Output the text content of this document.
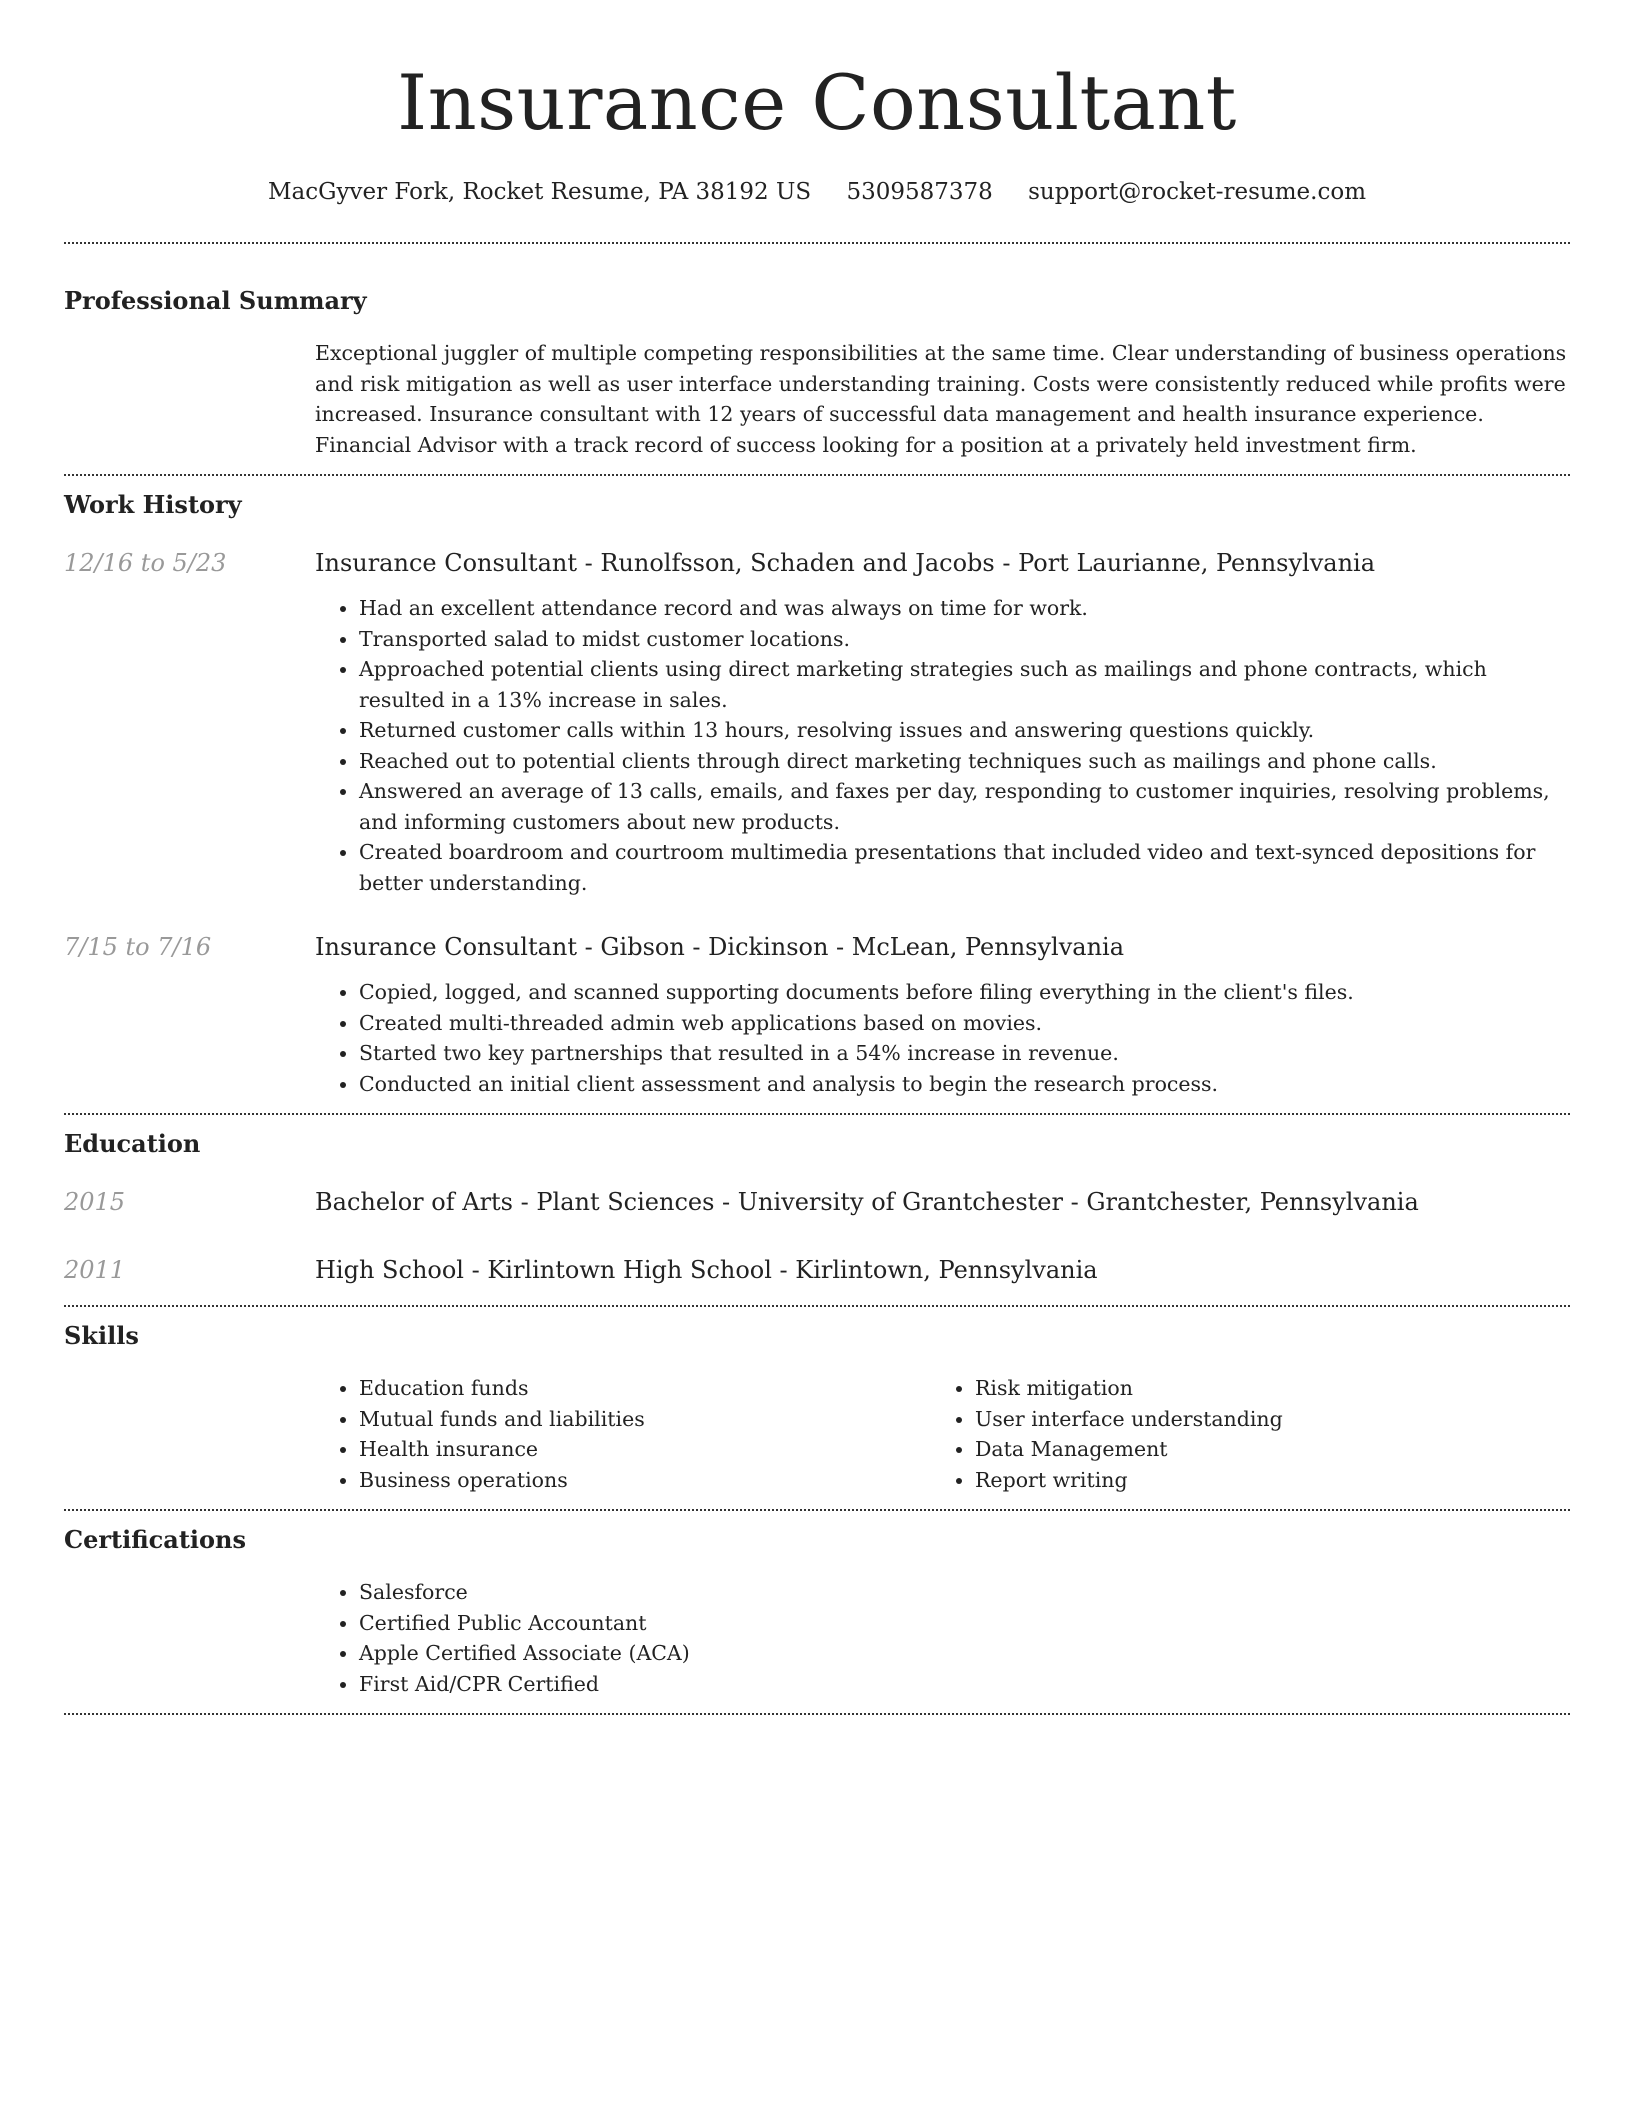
Insurance Consultant
MacGyver Fork, Rocket Resume, PA 38192 US 5309587378 support@rocket-resume.com
Professional Summary

Exceptional juggler of multiple competing responsibilities at the same time. Clear understanding of business operations and risk mitigation as well as user interface understanding training. Costs were consistently reduced while profits were increased. Insurance consultant with 12 years of successful data management and health insurance experience. Financial Advisor with a track record of success looking for a position at a privately held investment firm.

Work History
12/16 to 5/23	Insurance Consultant - Runolfsson, Schaden and Jacobs - Port Laurianne, Pennsylvania
• Had an excellent attendance record and was always on time for work.
• Transported salad to midst customer locations.
• Approached potential clients using direct marketing strategies such as mailings and phone contracts, which resulted in a 13% increase in sales.
• Returned customer calls within 13 hours, resolving issues and answering questions quickly.
• Reached out to potential clients through direct marketing techniques such as mailings and phone calls.
• Answered an average of 13 calls, emails, and faxes per day, responding to customer inquiries, resolving problems, and informing customers about new products.
• Created boardroom and courtroom multimedia presentations that included video and text-synced depositions for better understanding.
7/15 to 7/16	Insurance Consultant - Gibson - Dickinson - McLean, Pennsylvania
• Copied, logged, and scanned supporting documents before filing everything in the client's files.
• Created multi-threaded admin web applications based on movies.
• Started two key partnerships that resulted in a 54% increase in revenue.
• Conducted an initial client assessment and analysis to begin the research process.
Education
2015	Bachelor of Arts - Plant Sciences - University of Grantchester - Grantchester, Pennsylvania
2011	High School - Kirlintown High School - Kirlintown, Pennsylvania
Skills
• Education funds
• Mutual funds and liabilities
• Health insurance
• Business operations
• Risk mitigation
• User interface understanding
• Data Management
• Report writing
Certifications
• Salesforce
• Certified Public Accountant
• Apple Certified Associate (ACA)
• First Aid/CPR Certified
